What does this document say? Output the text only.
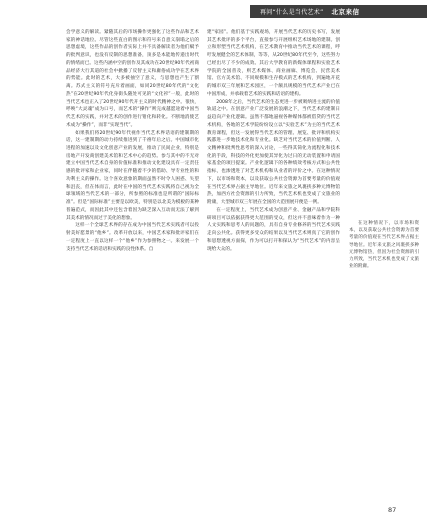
再问“什么是当代艺术” 北京来信

会学意义的解读。紧随其后的市场操作更强化了这些作品和艺术家的神话地位。尽管这些直白的图示和符号来自意义崩塌之后的思想虚境，这些作品的创作者实际上并不具备解读者为他们赋予的批判意识，也没有反制的思想准备，顶多是本能地传递出时代的情绪而已。这些内涵中空的创作及其成功在20世纪90年代初商品经济大行其道的社会中掀播了反智主义和庸俗成功学在艺术界的势能。此时的艺术，大多被抽空了意义，与思想也产生了割离。苏式主义的符号充斥着画面，如同20世纪80年代的“文化热”在20世纪90年代化身街头随处可见的“文化衫”一般，此时的当代艺术也正入了20世纪90年代开主义的时代精神之中。很快，呼唤“大灵魂”成为口号，而艺术的“操作”则完成越愿途着中国当代艺术的实践，并对艺术的创作进行钳化和转化。不断地消使艺术成为“操作”，而非“实现当代”。

如果我们将20世纪90年代视作当代艺术界话语的建制期的话，这一建制期的动力持续推进到了千禧年后之后。中国城市化进程的加速以及文化创意产业的发展，推动了民间企业，特别是房地产开发商创建美术馆和艺术中心的趋势。参与其中的不无对建立中国当代艺术自身的价值标准和推动文化建设具有一定责任感的批评家和企业家，同时在伴随着不少的借助、导专业性的和功利主义的操作。这个喜欢意象的期面虽然不时令人困惑、失望和沮丧，但在体而言，此时在中国的当代艺术实践将自己视为全球领域的当代艺术的一部分，所参照的标准也是所谓的“国际标准”。但是“国际标准”主要是以欧美，特别是以北美为模板的某种普遍范式，而因此其中还包含着因为缺乏深入互动而无法了解到其美术的情况而过于美化的想象。

这样一个全球艺术界的存在成为中国当代艺术实践者可以投射美好愿景的“他乡”。改革开放以来，中国艺术家和批评家们在一定程度上一直以这样一个“他乡”作为参照物之一。来发展一个支持当代艺术的话语和实践的良性体系。自

建“家园”。他们基于实践观场，开展当代艺术的历史书写，发展其艺术批评的多个平台，直接参与开展组织艺术场地的建制。创立和形塑当代艺术机构，在艺术教育中推动当代艺术的课程，呼吁发展健全的艺术体制，等等，从20世纪80年代至今，这些努力已经出尽了不少的成效。其后大学教育的新媒体课程和实验艺术学院的全国普及，则艺术媒体、商业画廊、博览会、民营美术馆、官方美术馆、不同规模和生存模式的艺术机构，到遍地开花的城市双三年展和艺术园区，一个颇具规模的当代艺术产业已在中国形成，并承载着艺术的实践和话语的建构。

2008年之后，当代艺术的生态更进一步被吸纳进主流的价值轨道之中。在创意产业广泛发展的浪潮之下，当代艺术的建制日益趋向产业化逻辑。虽然不都地逼视各种媒体都被借贷的当代艺术机构，各地的艺术学院纷纷设立以“实验艺术”为主的当代艺术教育课程，但这一发展得当代艺术的管理、展览、批评和机构实践都进一步地技术化和专业化。缺乏对当代艺术的价值判断、人文精神和批判性思考的深入讨论，一些得其简化为流程化和技术化的手段，科技的外化更加使其异化为过日的无动装置和申请国家基金的项目提案。产业化逻辑下的各种绩效考核方式和公共性指标，也渗透进了对艺术机构和从业者的评价之中。在这种情况下，以市场和资本，以及获取公共社会资源为首要考量的价值观在当代艺术界占据主导地位。近年来文旅之风裹挟多种元博物馆热，加西方社会资源的引力所致，当代艺术机也变成了文旅业的附庸，大型城市双三年展在全国的大范围展开便是一例。

在一定程度上，当代艺术成为创意产业、金融产品和学院科研项目可以依据获得更大范围的受众，但这并不意味着作为一种人文实践和思考人的问题的，具有自身专业修养的当代艺术实践走向公共化。获得更多受众的结果以及当代艺术则真了它的创作和思想透视方面探，作为可以打开和探认为“当代艺术”的内容呈现给大众的。

在这种情况下，以市场和资本，以及获取公共社会资源为首要考量的价值观在当代艺术界占据主导地位。近年来文旅之风裹挟多种元博物馆热，但因为社会资源的引力所致，当代艺术机也变成了文旅业的附庸。
87
